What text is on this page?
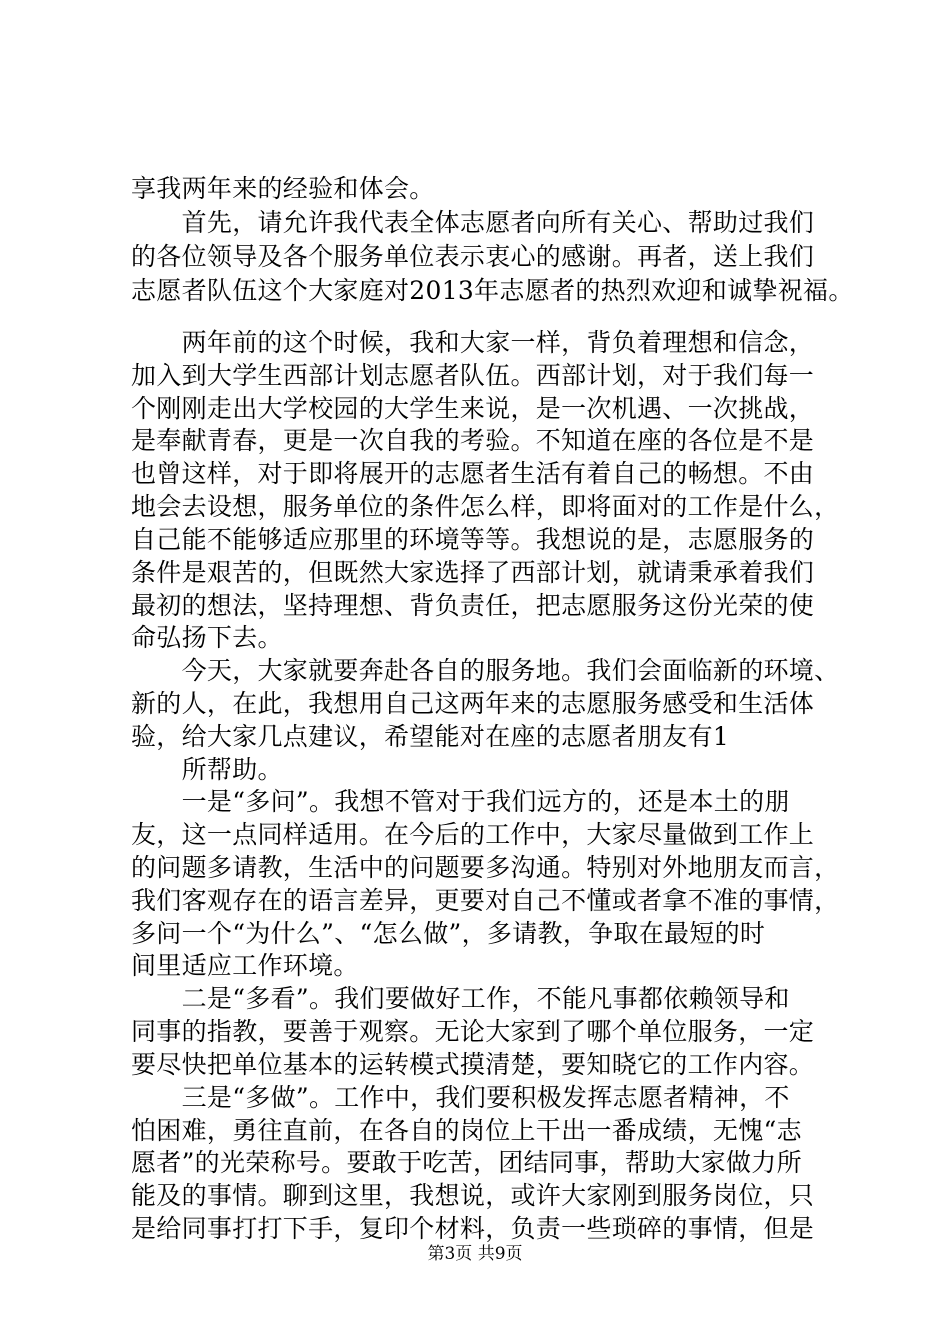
享我两年来的经验和体会。
　　首先，请允许我代表全体志愿者向所有关心、帮助过我们
的各位领导及各个服务单位表示衷心的感谢。再者，送上我们
志愿者队伍这个大家庭对2013年志愿者的热烈欢迎和诚挚祝福。
　　两年前的这个时候，我和大家一样，背负着理想和信念，
加入到大学生西部计划志愿者队伍。西部计划，对于我们每一
个刚刚走出大学校园的大学生来说，是一次机遇、一次挑战，
是奉献青春，更是一次自我的考验。不知道在座的各位是不是
也曾这样，对于即将展开的志愿者生活有着自己的畅想。不由
地会去设想，服务单位的条件怎么样，即将面对的工作是什么，
自己能不能够适应那里的环境等等。我想说的是，志愿服务的
条件是艰苦的，但既然大家选择了西部计划，就请秉承着我们
最初的想法，坚持理想、背负责任，把志愿服务这份光荣的使
命弘扬下去。
　　今天，大家就要奔赴各自的服务地。我们会面临新的环境、
新的人，在此，我想用自己这两年来的志愿服务感受和生活体
验，给大家几点建议，希望能对在座的志愿者朋友有1
　　所帮助。
　　一是“多问”。我想不管对于我们远方的，还是本土的朋
友，这一点同样适用。在今后的工作中，大家尽量做到工作上
的问题多请教，生活中的问题要多沟通。特别对外地朋友而言，
我们客观存在的语言差异，更要对自己不懂或者拿不准的事情，
多问一个“为什么”、“怎么做”，多请教，争取在最短的时
间里适应工作环境。
　　二是“多看”。我们要做好工作，不能凡事都依赖领导和
同事的指教，要善于观察。无论大家到了哪个单位服务，一定
要尽快把单位基本的运转模式摸清楚，要知晓它的工作内容。
　　三是“多做”。工作中，我们要积极发挥志愿者精神，不
怕困难，勇往直前，在各自的岗位上干出一番成绩，无愧“志
愿者”的光荣称号。要敢于吃苦，团结同事，帮助大家做力所
能及的事情。聊到这里，我想说，或许大家刚到服务岗位，只
是给同事打打下手，复印个材料，负责一些琐碎的事情，但是
第3页 共9页
